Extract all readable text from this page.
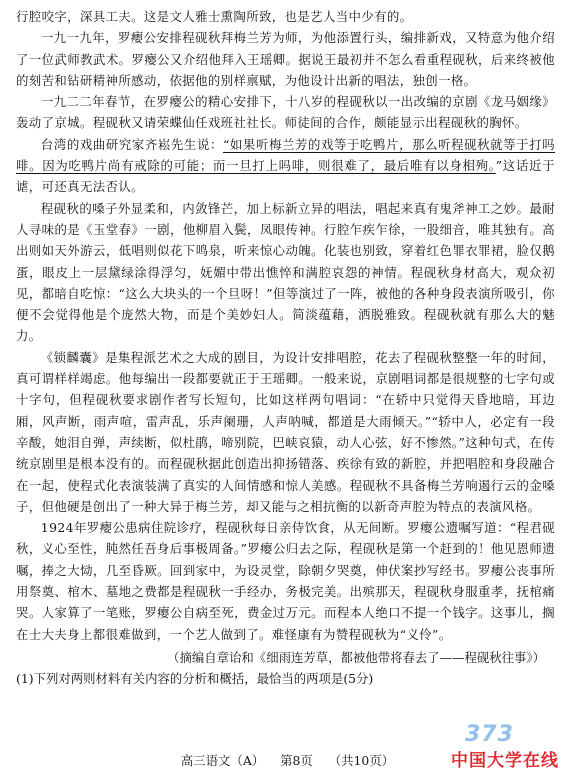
行腔咬字，深具工夫。这是文人雅士熏陶所致，也是艺人当中少有的。

一九一九年，罗瘿公安排程砚秋拜梅兰芳为师，为他添置行头，编排新戏，又特意为他介绍了一位武师教武术。罗瘿公又介绍他拜入王瑶卿。据说王最初并不怎么看重程砚秋，后来终被他的刻苦和钻研精神所感动，依据他的别样禀赋，为他设计出新的唱法，独创一格。

一九二二年春节，在罗瘿公的精心安排下，十八岁的程砚秋以一出改编的京剧《龙马姻缘》轰动了京城。程砚秋又请荣蝶仙任戏班社社长。师徒间的合作，颇能显示出程砚秋的胸怀。

台湾的戏曲研究家齐崧先生说：“如果听梅兰芳的戏等于吃鸭片，那么听程砚秋就等于打吗啡。因为吃鸭片尚有戒除的可能；而一旦打上吗啡，则很难了，最后唯有以身相殉。”这话近于谑，可还真无法否认。

程砚秋的嗓子外显柔和，内敛锋芒，加上标新立异的唱法，唱起来真有鬼斧神工之妙。最耐人寻味的是《玉堂春》一剧，他柳眉入鬓，凤眼传神。行腔乍疾乍徐，一股细音，唯其独有。高出则如天外游云，低唱则似花下鸣泉，听来惊心动魄。化装也别致，穿着红色罪衣罪裙，脸仅鹅蛋，眼皮上一层黛绿涂得浮匀，妩媚中带出憔悴和满腔哀怨的神情。程砚秋身材高大，观众初见，都暗自吃惊：“这么大块头的一个旦呀！”但等演过了一阵，被他的各种身段表演所吸引，你便不会觉得他是个庞然大物，而是个美妙妇人。简淡蕴藉，洒脱雅致。程砚秋就有那么大的魅力。

《锁麟囊》是集程派艺术之大成的剧目，为设计安排唱腔，花去了程砚秋整整一年的时间，真可谓样样竭虑。他每编出一段都要就正于王瑶卿。一般来说，京剧唱词都是很规整的七字句或十字句，但程砚秋要求剧作者写长短句，比如这样两句唱词：“在轿中只觉得天昏地暗，耳边厢，风声断，雨声喧，雷声乱，乐声阑珊，人声呐喊，都道是大雨倾天。”“轿中人，必定有一段辛酸，她泪自弹，声续断，似杜鹃，啼别院，巴峡哀猿，动人心弦，好不惨然。”这种句式，在传统京剧里是根本没有的。而程砚秋据此创造出抑扬错落、疾徐有致的新腔，并把唱腔和身段融合在一起，使程式化表演装满了真实的人间情感和惊人美感。程砚秋不具备梅兰芳响遏行云的金嗓子，但他硬是创出了一种大异于梅兰芳，却又能与之相抗衡的以新奇声腔为特点的表演风格。

1924年罗瘿公患病住院诊疗，程砚秋每日亲侍饮食，从无间断。罗瘿公遗嘱写道：“程君砚秋，义心至性，肫然任吾身后事极周备。”罗瘿公归去之际，程砚秋是第一个赶到的！他见恩师遗嘱，捧之大恸，几至昏厥。回到家中，为设灵堂，除朝夕哭奠，伸伏案抄写经书。罗瘿公丧事所用祭奠、棺木、墓地之费都是程砚秋一手经办，务极完美。出殡那天，程砚秋身服重孝，抚棺痛哭。人家算了一笔账，罗瘿公自病至死，费金过万元。而程本人绝口不提一个钱字。这事儿，搁在士大夫身上都很难做到，一个艺人做到了。难怪康有为赞程砚秋为“义伶”。

（摘编自章诒和《细雨连芳草，都被他带将春去了——程砚秋往事》）

(1)下列对两则材料有关内容的分析和概括，最恰当的两项是(5分)

高三语文（A） 第8页 （共10页）
373
中国大学在线
